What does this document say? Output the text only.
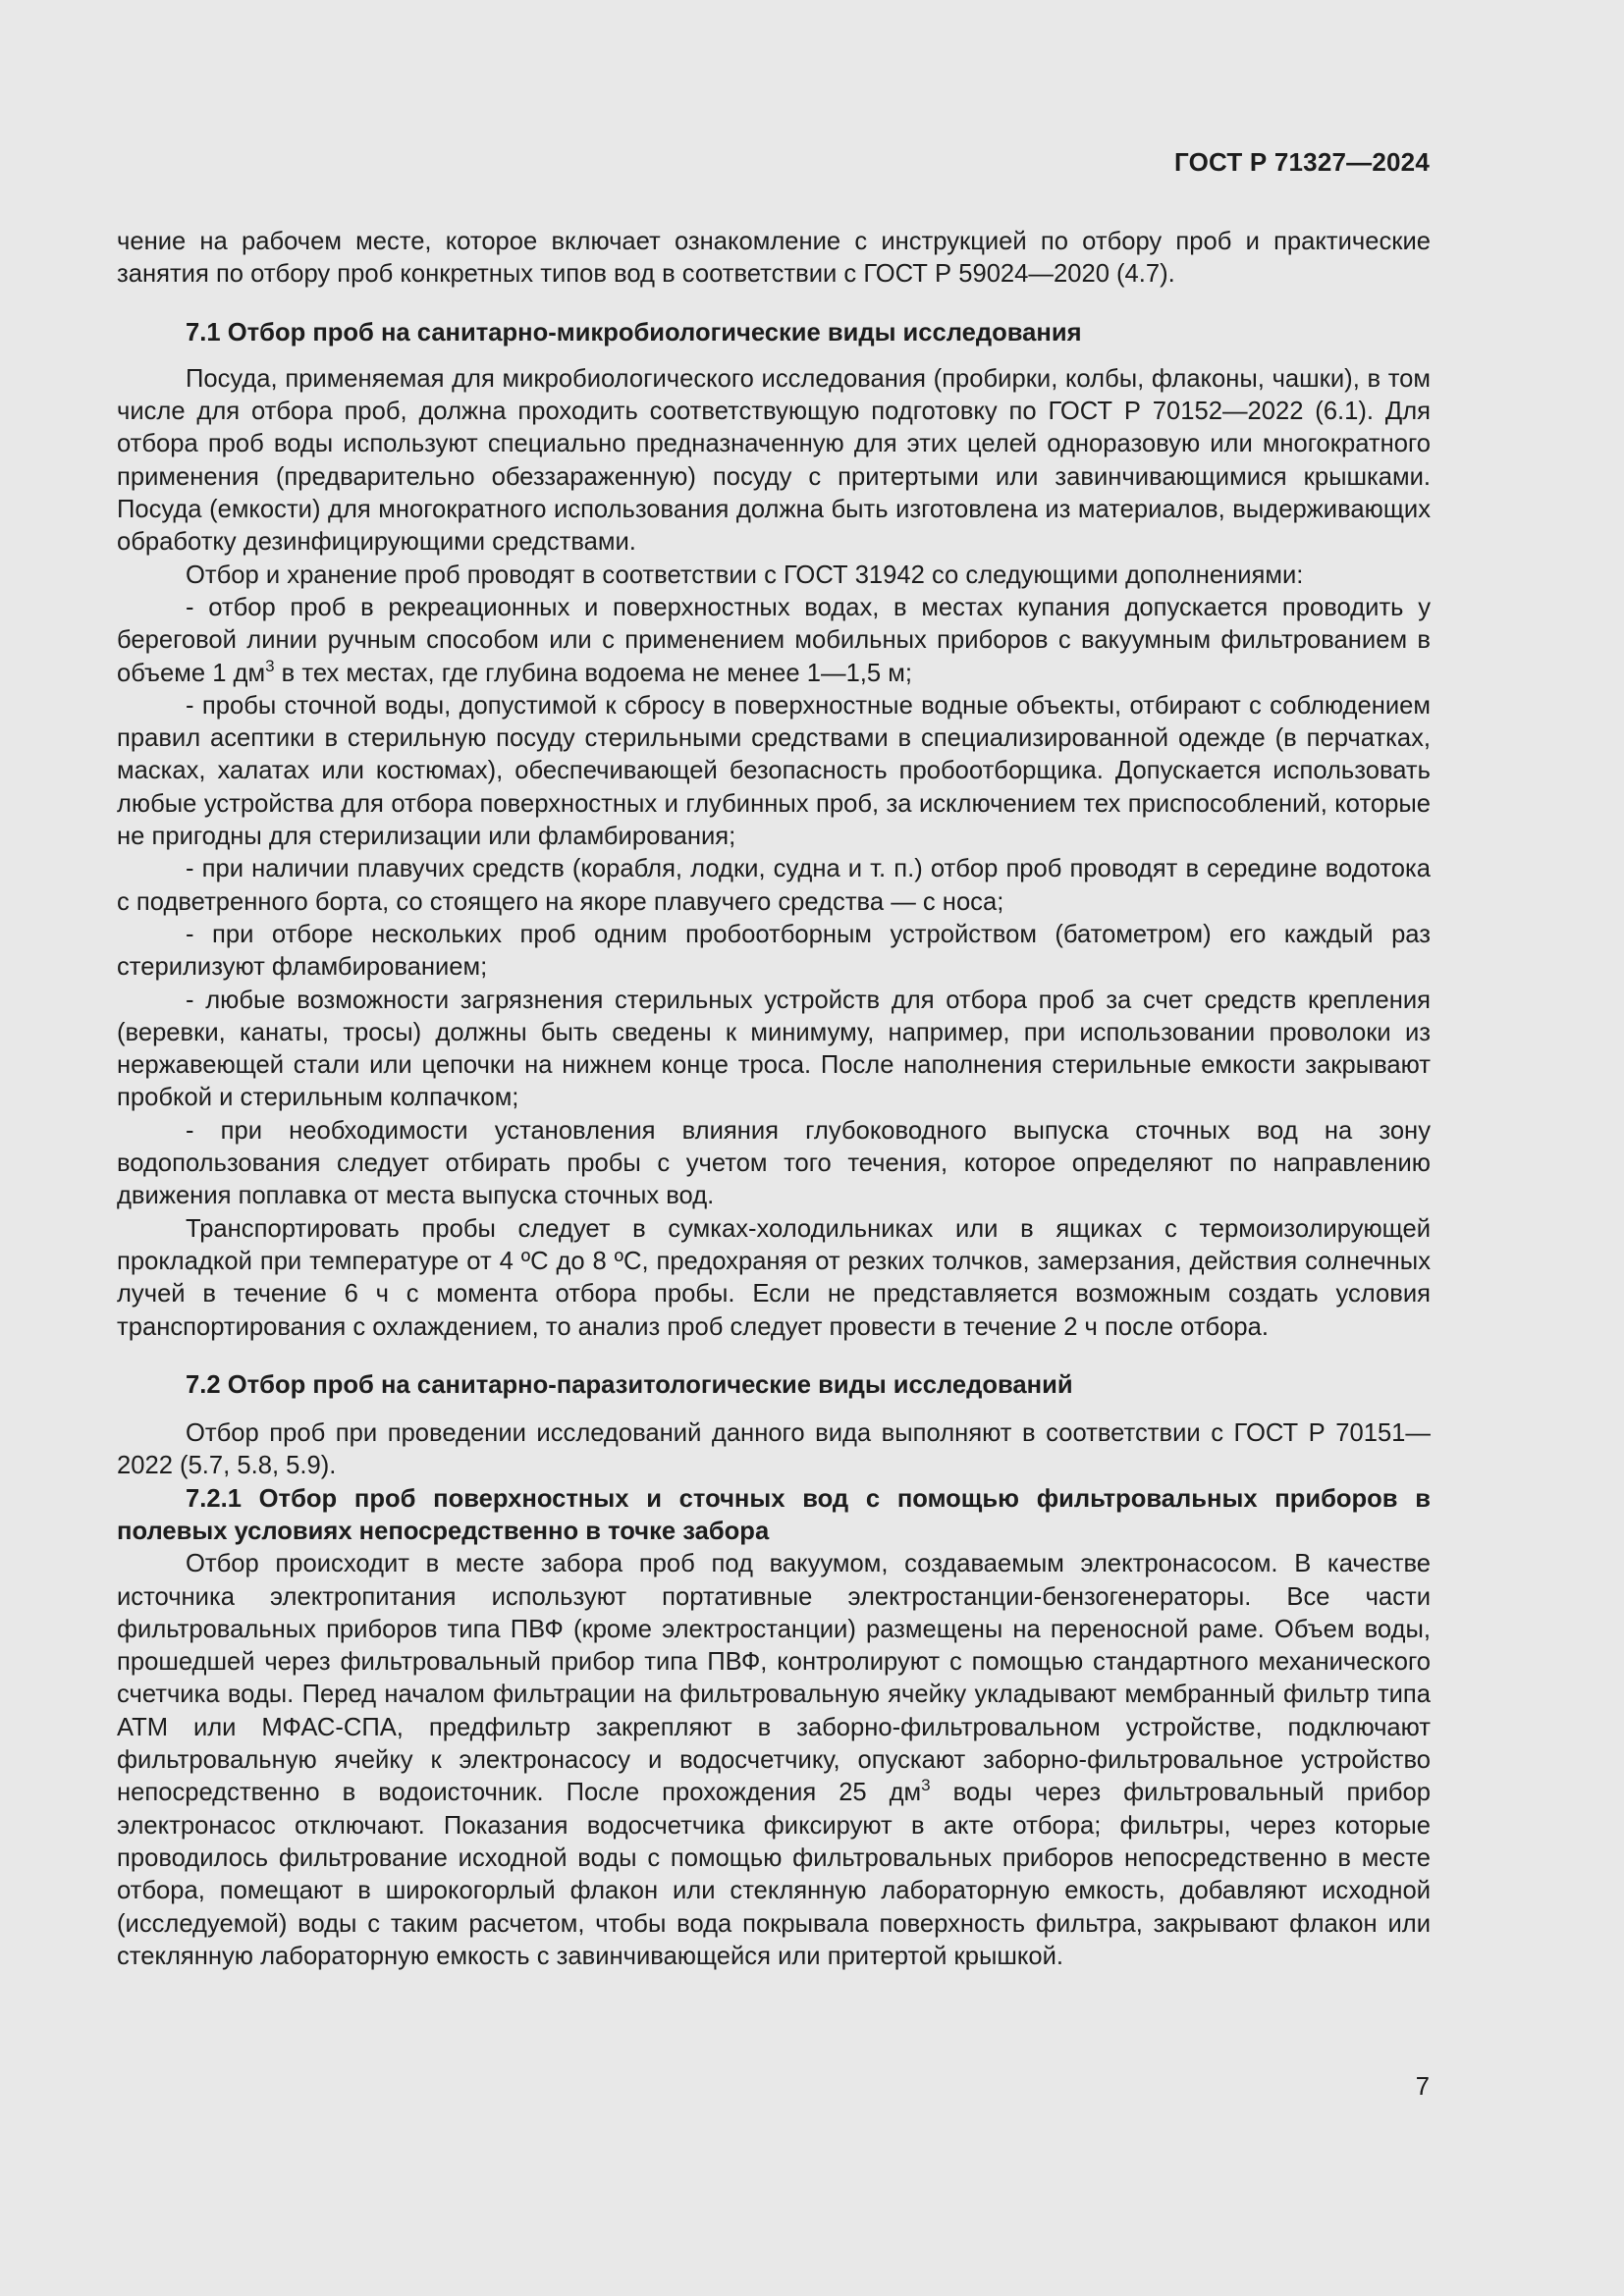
ГОСТ Р 71327—2024

чение на рабочем месте, которое включает ознакомление с инструкцией по отбору проб и практические занятия по отбору проб конкретных типов вод в соответствии с ГОСТ Р 59024—2020 (4.7).

7.1 Отбор проб на санитарно-микробиологические виды исследования

Посуда, применяемая для микробиологического исследования (пробирки, колбы, флаконы, чашки), в том числе для отбора проб, должна проходить соответствующую подготовку по ГОСТ Р 70152—2022 (6.1). Для отбора проб воды используют специально предназначенную для этих целей одноразовую или многократного применения (предварительно обеззараженную) посуду с притертыми или завинчивающимися крышками. Посуда (емкости) для многократного использования должна быть изготовлена из материалов, выдерживающих обработку дезинфицирующими средствами.

Отбор и хранение проб проводят в соответствии с ГОСТ 31942 со следующими дополнениями:

- отбор проб в рекреационных и поверхностных водах, в местах купания допускается проводить у береговой линии ручным способом или с применением мобильных приборов с вакуумным фильтрованием в объеме 1 $дм^3$ в тех местах, где глубина водоема не менее 1—1,5 м;

- пробы сточной воды, допустимой к сбросу в поверхностные водные объекты, отбирают с соблюдением правил асептики в стерильную посуду стерильными средствами в специализированной одежде (в перчатках, масках, халатах или костюмах), обеспечивающей безопасность пробоотборщика. Допускается использовать любые устройства для отбора поверхностных и глубинных проб, за исключением тех приспособлений, которые не пригодны для стерилизации или фламбирования;

- при наличии плавучих средств (корабля, лодки, судна и т. п.) отбор проб проводят в середине водотока с подветренного борта, со стоящего на якоре плавучего средства — с носа;

- при отборе нескольких проб одним пробоотборным устройством (батометром) его каждый раз стерилизуют фламбированием;

- любые возможности загрязнения стерильных устройств для отбора проб за счет средств крепления (веревки, канаты, тросы) должны быть сведены к минимуму, например, при использовании проволоки из нержавеющей стали или цепочки на нижнем конце троса. После наполнения стерильные емкости закрывают пробкой и стерильным колпачком;

- при необходимости установления влияния глубоководного выпуска сточных вод на зону водопользования следует отбирать пробы с учетом того течения, которое определяют по направлению движения поплавка от места выпуска сточных вод.

Транспортировать пробы следует в сумках-холодильниках или в ящиках с термоизолирующей прокладкой при температуре от 4 ºС до 8 ºС, предохраняя от резких толчков, замерзания, действия солнечных лучей в течение 6 ч с момента отбора пробы. Если не представляется возможным создать условия транспортирования с охлаждением, то анализ проб следует провести в течение 2 ч после отбора.

7.2 Отбор проб на санитарно-паразитологические виды исследований

Отбор проб при проведении исследований данного вида выполняют в соответствии с ГОСТ Р 70151—2022 (5.7, 5.8, 5.9).

7.2.1 Отбор проб поверхностных и сточных вод с помощью фильтровальных приборов в полевых условиях непосредственно в точке забора

Отбор происходит в месте забора проб под вакуумом, создаваемым электронасосом. В качестве источника электропитания используют портативные электростанции-бензогенераторы. Все части фильтровальных приборов типа ПВФ (кроме электростанции) размещены на переносной раме. Объем воды, прошедшей через фильтровальный прибор типа ПВФ, контролируют с помощью стандартного механического счетчика воды. Перед началом фильтрации на фильтровальную ячейку укладывают мембранный фильтр типа АТМ или МФАС-СПА, предфильтр закрепляют в заборно-фильтровальном устройстве, подключают фильтровальную ячейку к электронасосу и водосчетчику, опускают заборно-фильтровальное устройство непосредственно в водоисточник. После прохождения 25 $дм^3$ воды через фильтровальный прибор электронасос отключают. Показания водосчетчика фиксируют в акте отбора; фильтры, через которые проводилось фильтрование исходной воды с помощью фильтровальных приборов непосредственно в месте отбора, помещают в широкогорлый флакон или стеклянную лабораторную емкость, добавляют исходной (исследуемой) воды с таким расчетом, чтобы вода покрывала поверхность фильтра, закрывают флакон или стеклянную лабораторную емкость с завинчивающейся или притертой крышкой.

7
